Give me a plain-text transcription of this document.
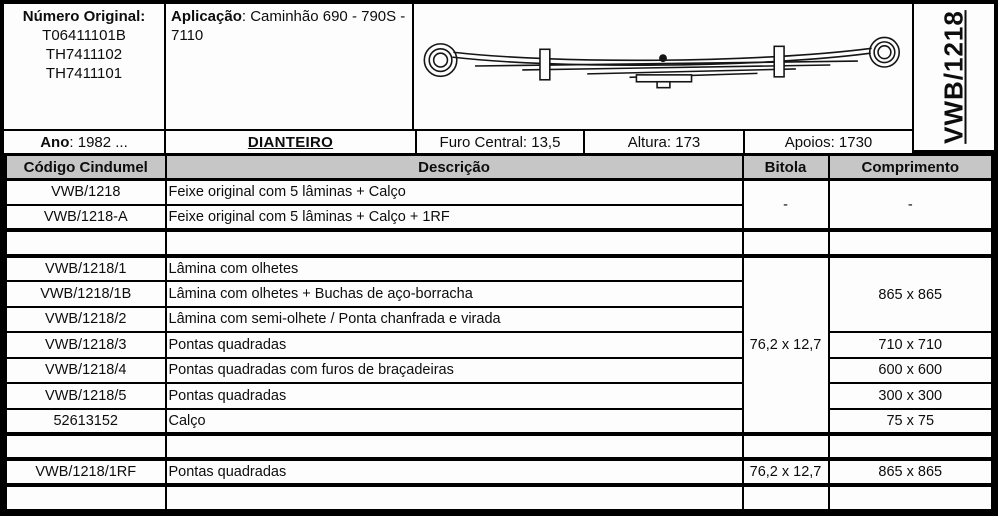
Número Original:
T06411101B
TH7411102
TH7411101
Aplicação: Caminhão 690 - 790S - 7110	VWB/1218
Ano : 1982 ...	DIANTEIRO	Furo Central: 13,5	Altura: 173	Apoios: 1730
Código Cindumel	Descrição	Bitola	Comprimento
VWB/1218	Feixe original com 5 lâminas + Calço	-	-
VWB/1218-A	Feixe original com 5 lâminas + Calço + 1RF		

VWB/1218/1	Lâmina com olhetes	76,2 x 12,7	865 x 865
VWB/1218/1B	Lâmina com olhetes + Buchas de aço-borracha		
VWB/1218/2	Lâmina com semi-olhete / Ponta chanfrada e virada		
VWB/1218/3	Pontas quadradas		710 x 710
VWB/1218/4	Pontas quadradas com furos de braçadeiras		600 x 600
VWB/1218/5	Pontas quadradas		300 x 300
52613152	Calço		75 x 75

VWB/1218/1RF	Pontas quadradas	76,2 x 12,7	865 x 865
